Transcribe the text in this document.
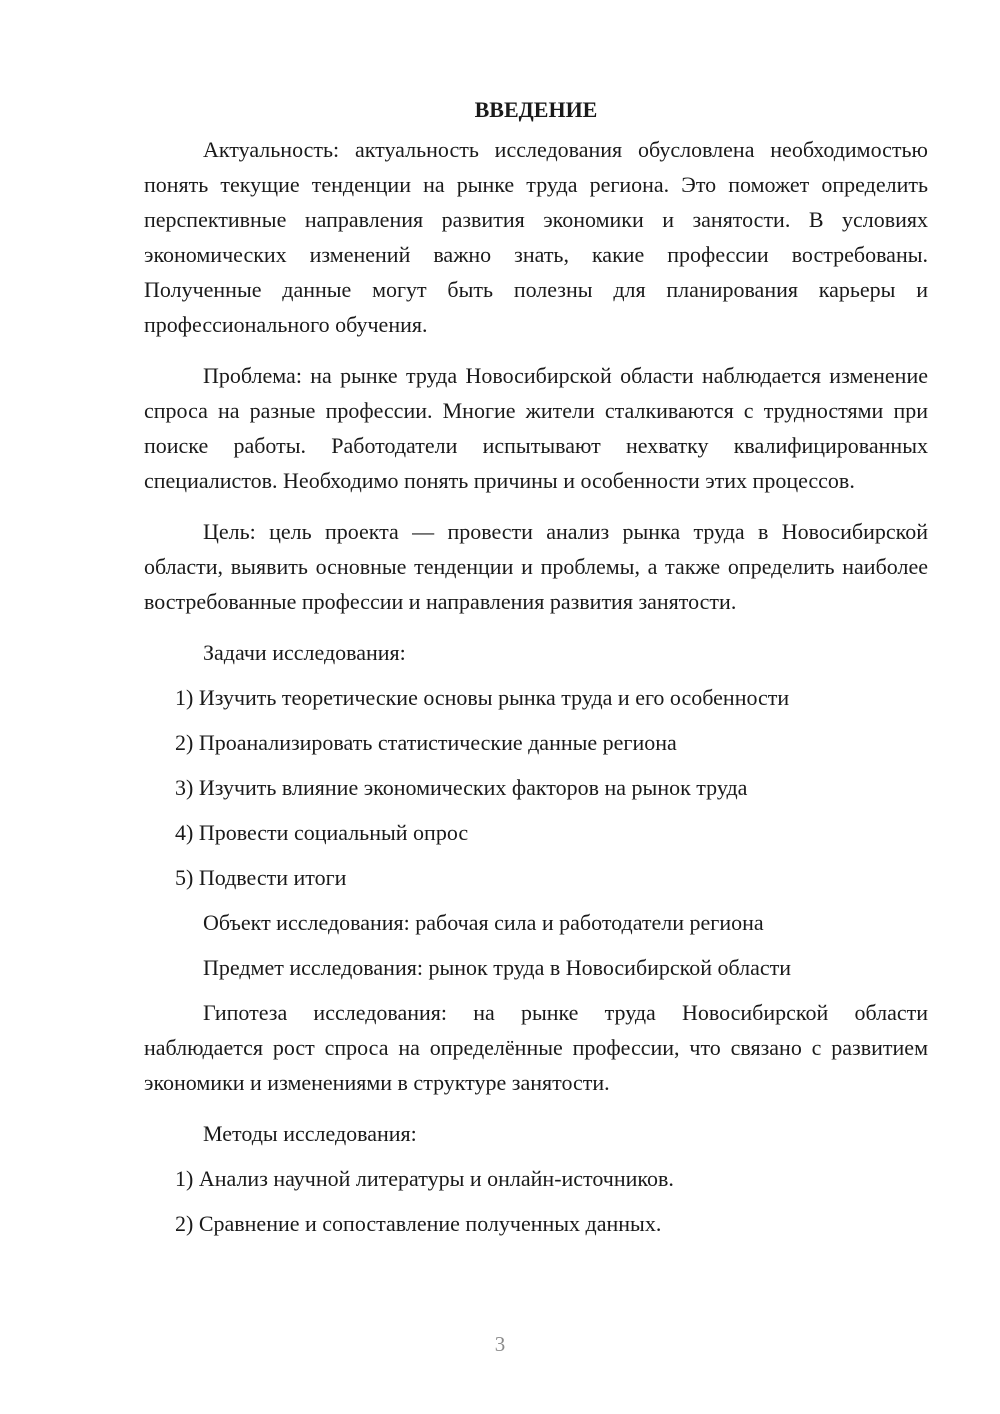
ВВЕДЕНИЕ

Актуальность: актуальность исследования обусловлена необходимостью понять текущие тенденции на рынке труда региона. Это поможет определить перспективные направления развития экономики и занятости. В условиях экономических изменений важно знать, какие профессии востребованы. Полученные данные могут быть полезны для планирования карьеры и профессионального обучения.

Проблема: на рынке труда Новосибирской области наблюдается изменение спроса на разные профессии. Многие жители сталкиваются с трудностями при поиске работы. Работодатели испытывают нехватку квалифицированных специалистов. Необходимо понять причины и особенности этих процессов.

Цель: цель проекта — провести анализ рынка труда в Новосибирской области, выявить основные тенденции и проблемы, а также определить наиболее востребованные профессии и направления развития занятости.

Задачи исследования:

1) Изучить теоретические основы рынка труда и его особенности
2) Проанализировать статистические данные региона
3) Изучить влияние экономических факторов на рынок труда
4) Провести социальный опрос
5) Подвести итоги

Объект исследования: рабочая сила и работодатели региона

Предмет исследования: рынок труда в Новосибирской области

Гипотеза исследования: на рынке труда Новосибирской области наблюдается рост спроса на определённые профессии, что связано с развитием экономики и изменениями в структуре занятости.

Методы исследования:

1) Анализ научной литературы и онлайн-источников.
2) Сравнение и сопоставление полученных данных.
3
